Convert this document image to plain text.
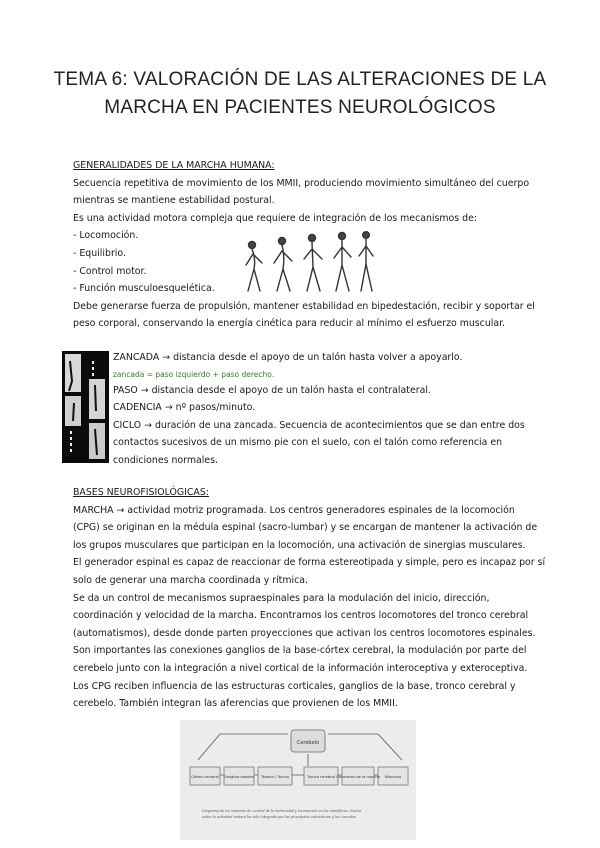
TEMA 6: VALORACIÓN DE LAS ALTERACIONES DE LA
MARCHA EN PACIENTES NEUROLÓGICOS
GENERALIDADES DE LA MARCHA HUMANA:
Secuencia repetitiva de movimiento de los MMII, produciendo movimiento simultáneo del cuerpo
mientras se mantiene estabilidad postural.
Es una actividad motora compleja que requiere de integración de los mecanismos de:
- Locomoción.
- Equilibrio.
- Control motor.
- Función musculoesquelética.
Debe generarse fuerza de propulsión, mantener estabilidad en bipedestación, recibir y soportar el
peso corporal, conservando la energía cinética para reducir al mínimo el esfuerzo muscular.
ZANCADA → distancia desde el apoyo de un talón hasta volver a apoyarlo.
zancada = paso izquierdo + paso derecho.
PASO → distancia desde el apoyo de un talón hasta el contralateral.
CADENCIA → nº pasos/minuto.
CICLO → duración de una zancada. Secuencia de acontecimientos que se dan entre dos
contactos sucesivos de un mismo pie con el suelo, con el talón como referencia en
condiciones normales.
BASES NEUROFISIOLÓGICAS:
MARCHA → actividad motriz programada. Los centros generadores espinales de la locomoción
(CPG) se originan en la médula espinal (sacro-lumbar) y se encargan de mantener la activación de
los grupos musculares que participan en la locomoción, una activación de sinergias musculares.
El generador espinal es capaz de reaccionar de forma estereotipada y simple, pero es incapaz por sí
solo de generar una marcha coordinada y rítmica.
Se da un control de mecanismos supraespinales para la modulación del inicio, dirección,
coordinación y velocidad de la marcha. Encontramos los centros locomotores del tronco cerebral
(automatismos), desde donde parten proyecciones que activan los centros locomotores espinales.
Son importantes las conexiones ganglios de la base-córtex cerebral, la modulación por parte del
cerebelo junto con la integración a nivel cortical de la información interoceptiva y exteroceptiva.
Los CPG reciben influencia de las estructuras corticales, ganglios de la base, tronco cerebral y
cerebelo. También integran las aferencias que provienen de los MMII.
Cerebelo
Córtex cerebral Ganglios basales Tálamo / Tronco	Tronco cerebral Generador de la marcha Músculos
Diagrama de los sistemas de control de la motricidad y locomoción en los mamíferos. Nuevo
sobre la actividad motora ha sido integrada por las principales estructuras y los circuitos
